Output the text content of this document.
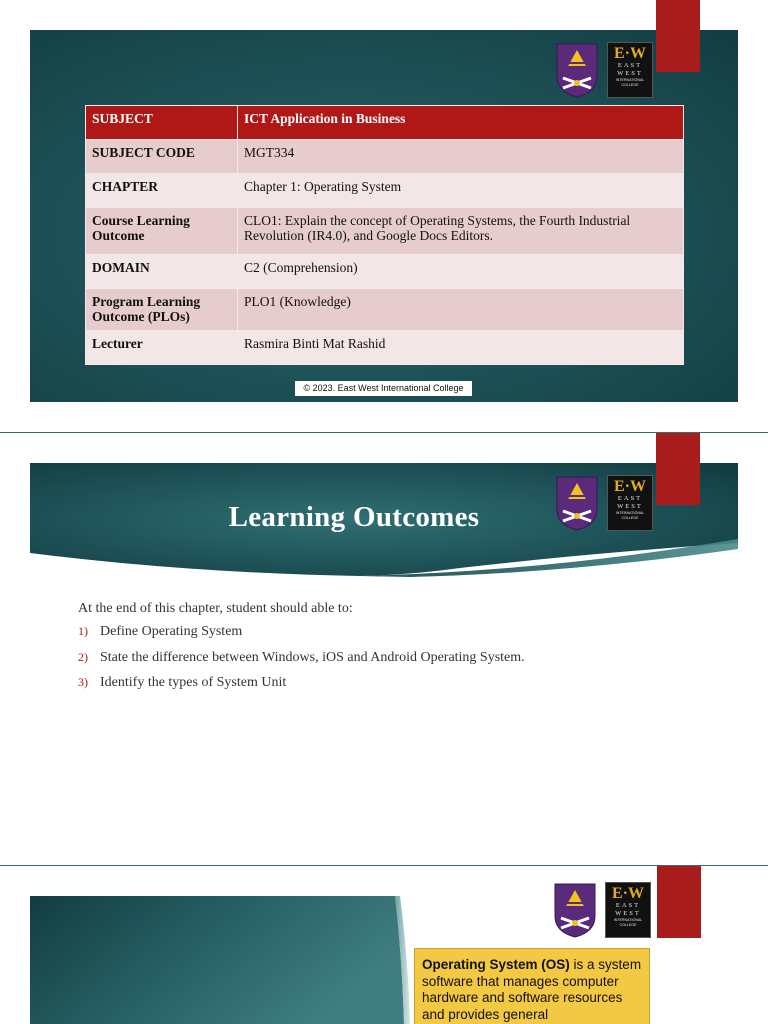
E·W
EAST
WEST
INTERNATIONAL
COLLEGE
SUBJECT	ICT Application in Business
SUBJECT CODE	MGT334
CHAPTER	Chapter 1: Operating System
Course Learning Outcome	CLO1: Explain the concept of Operating Systems, the Fourth Industrial Revolution (IR4.0), and Google Docs Editors.
DOMAIN	C2 (Comprehension)
Program Learning Outcome (PLOs)	PLO1 (Knowledge)
Lecturer	Rasmira Binti Mat Rashid
© 2023. East West International College
E·W
EAST
WEST
INTERNATIONAL
COLLEGE
Learning Outcomes
At the end of this chapter, student should able to:
1) Define Operating System
2) State the difference between Windows, iOS and Android Operating System.
3) Identify the types of System Unit
E·W
EAST
WEST
INTERNATIONAL
COLLEGE
Operating System (OS) is a system software that manages computer hardware and software resources and provides general
